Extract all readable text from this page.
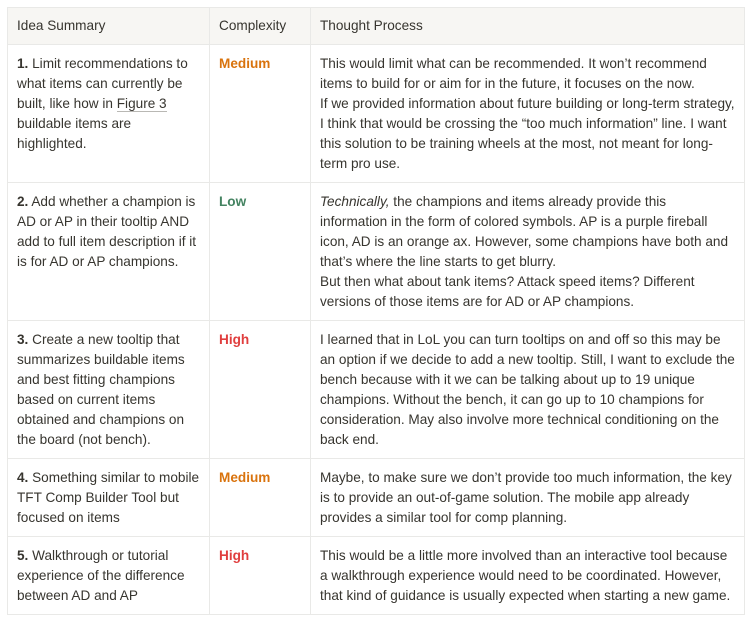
Idea Summary	Complexity	Thought Process
1. Limit recommendations to what items can currently be built, like how in Figure 3 buildable items are highlighted.	Medium	This would limit what can be recommended. It won’t recommend items to build for or aim for in the future, it focuses on the now.
If we provided information about future building or long-term strategy, I think that would be crossing the “too much information” line. I want this solution to be training wheels at the most, not meant for long-term pro use.

2. Add whether a champion is AD or AP in their tooltip AND add to full item description if it is for AD or AP champions.	Low	Technically, the champions and items already provide this information in the form of colored symbols. AP is a purple fireball icon, AD is an orange ax. However, some champions have both and that’s where the line starts to get blurry.
But then what about tank items? Attack speed items? Different versions of those items are for AD or AP champions.

3. Create a new tooltip that summarizes buildable items and best fitting champions based on current items obtained and champions on the board (not bench).	High	I learned that in LoL you can turn tooltips on and off so this may be an option if we decide to add a new tooltip. Still, I want to exclude the bench because with it we can be talking about up to 19 unique champions. Without the bench, it can go up to 10 champions for consideration. May also involve more technical conditioning on the back end.

4. Something similar to mobile TFT Comp Builder Tool but focused on items	Medium	Maybe, to make sure we don’t provide too much information, the key is to provide an out-of-game solution. The mobile app already provides a similar tool for comp planning.

5. Walkthrough or tutorial experience of the difference between AD and AP	High	This would be a little more involved than an interactive tool because a walkthrough experience would need to be coordinated. However, that kind of guidance is usually expected when starting a new game.
